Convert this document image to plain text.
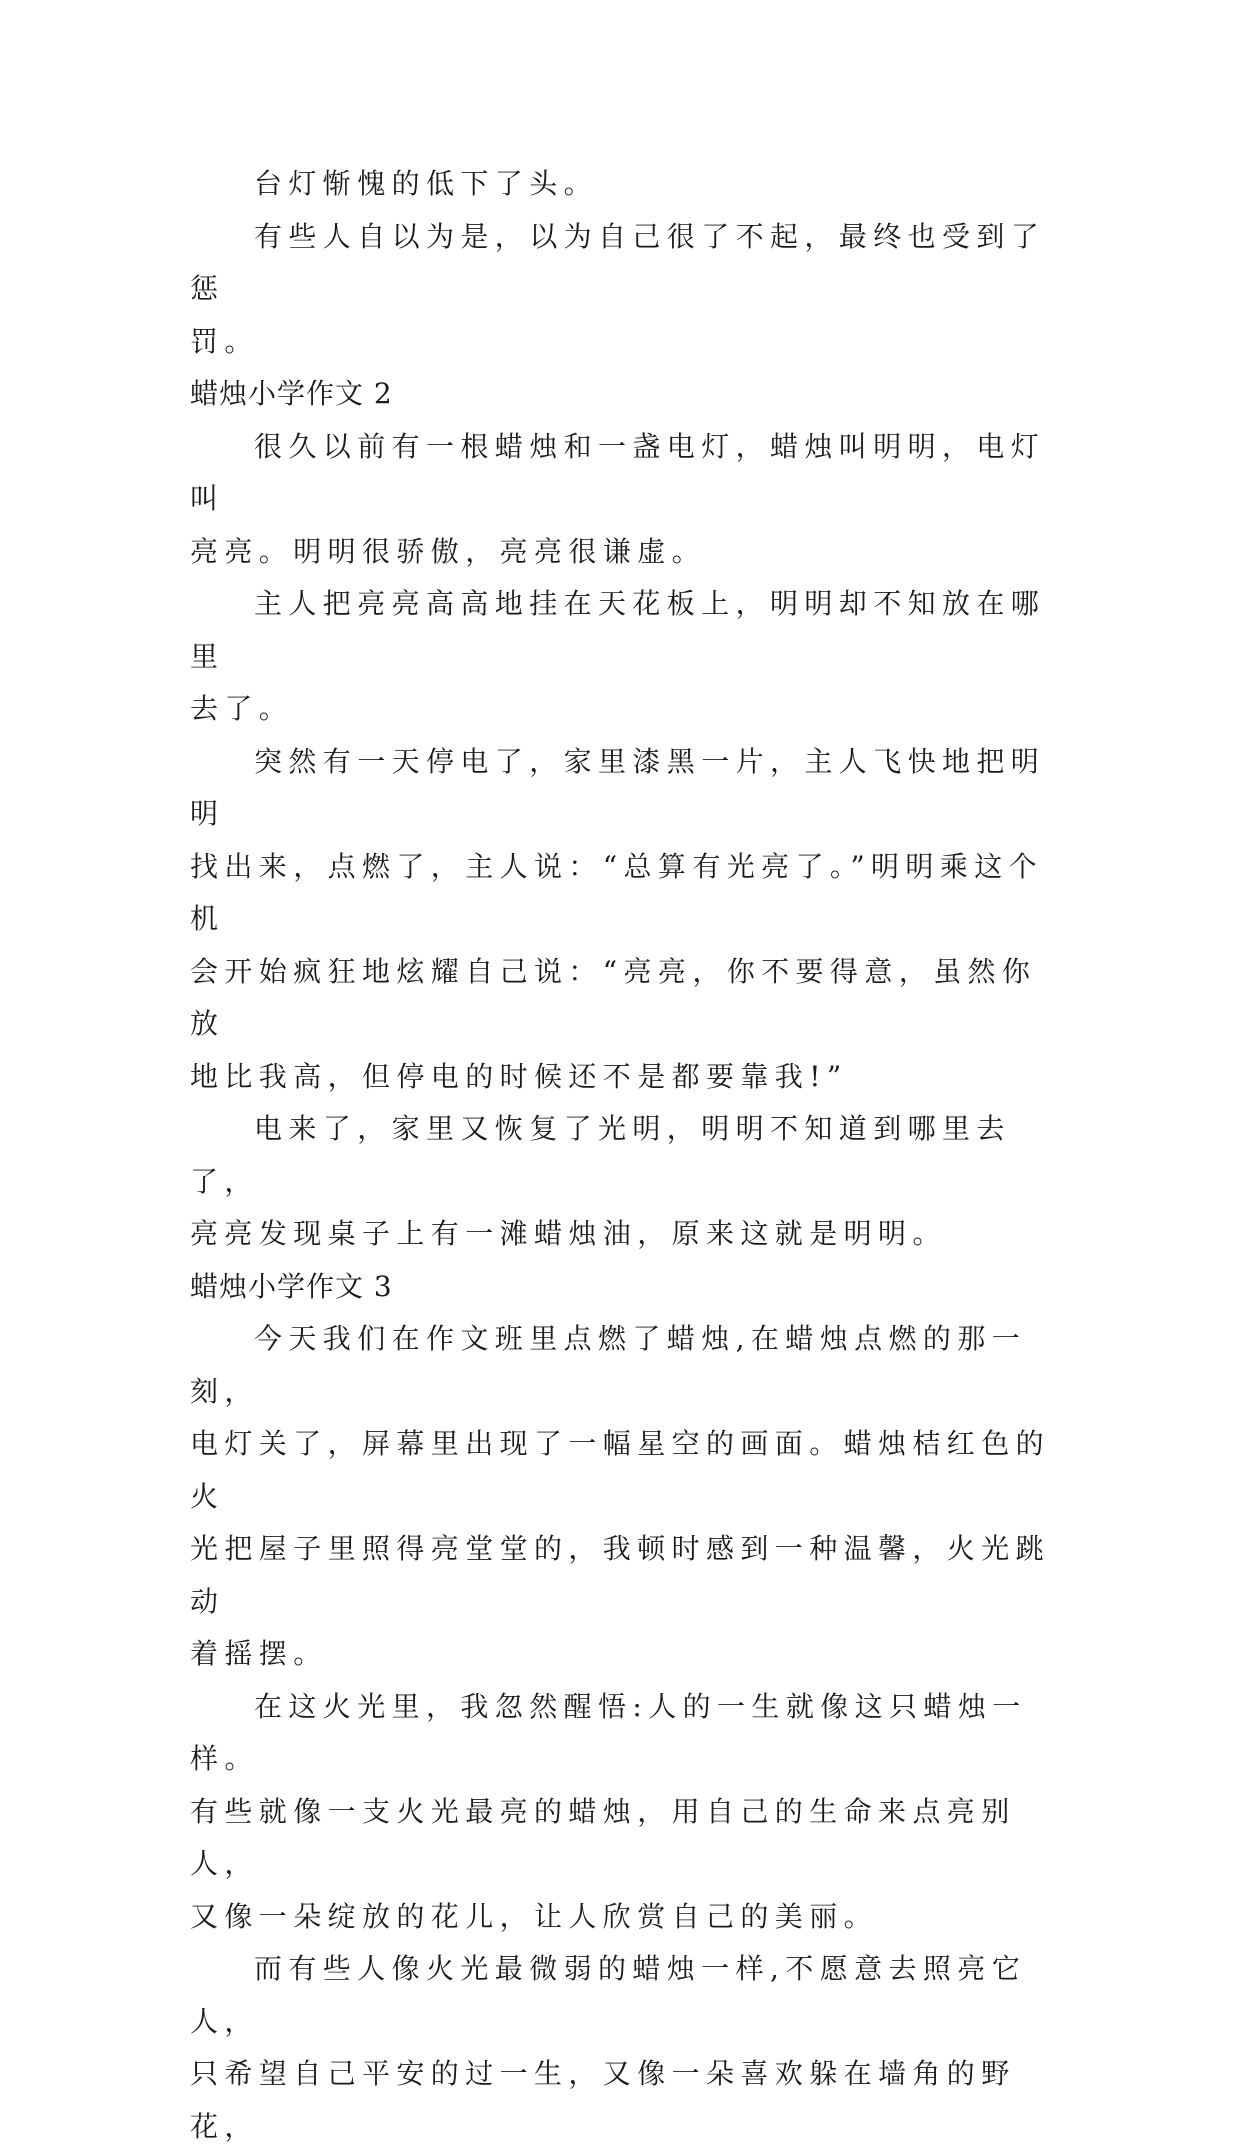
台灯惭愧的低下了头。

有些人自以为是，以为自己很了不起，最终也受到了惩
罚。

蜡烛小学作文 2

很久以前有一根蜡烛和一盏电灯，蜡烛叫明明，电灯叫
亮亮。明明很骄傲，亮亮很谦虚。

主人把亮亮高高地挂在天花板上，明明却不知放在哪里
去了。

突然有一天停电了，家里漆黑一片，主人飞快地把明明
找出来，点燃了，主人说：“总算有光亮了。”明明乘这个机
会开始疯狂地炫耀自己说：“亮亮，你不要得意，虽然你放
地比我高，但停电的时候还不是都要靠我!”

电来了，家里又恢复了光明，明明不知道到哪里去了，
亮亮发现桌子上有一滩蜡烛油，原来这就是明明。

蜡烛小学作文 3

今天我们在作文班里点燃了蜡烛,在蜡烛点燃的那一刻，
电灯关了，屏幕里出现了一幅星空的画面。蜡烛桔红色的火
光把屋子里照得亮堂堂的，我顿时感到一种温馨，火光跳动
着摇摆。

在这火光里，我忽然醒悟:人的一生就像这只蜡烛一样。
有些就像一支火光最亮的蜡烛，用自己的生命来点亮别人，
又像一朵绽放的花儿，让人欣赏自己的美丽。

而有些人像火光最微弱的蜡烛一样,不愿意去照亮它人，
只希望自己平安的过一生，又像一朵喜欢躲在墙角的野花，
